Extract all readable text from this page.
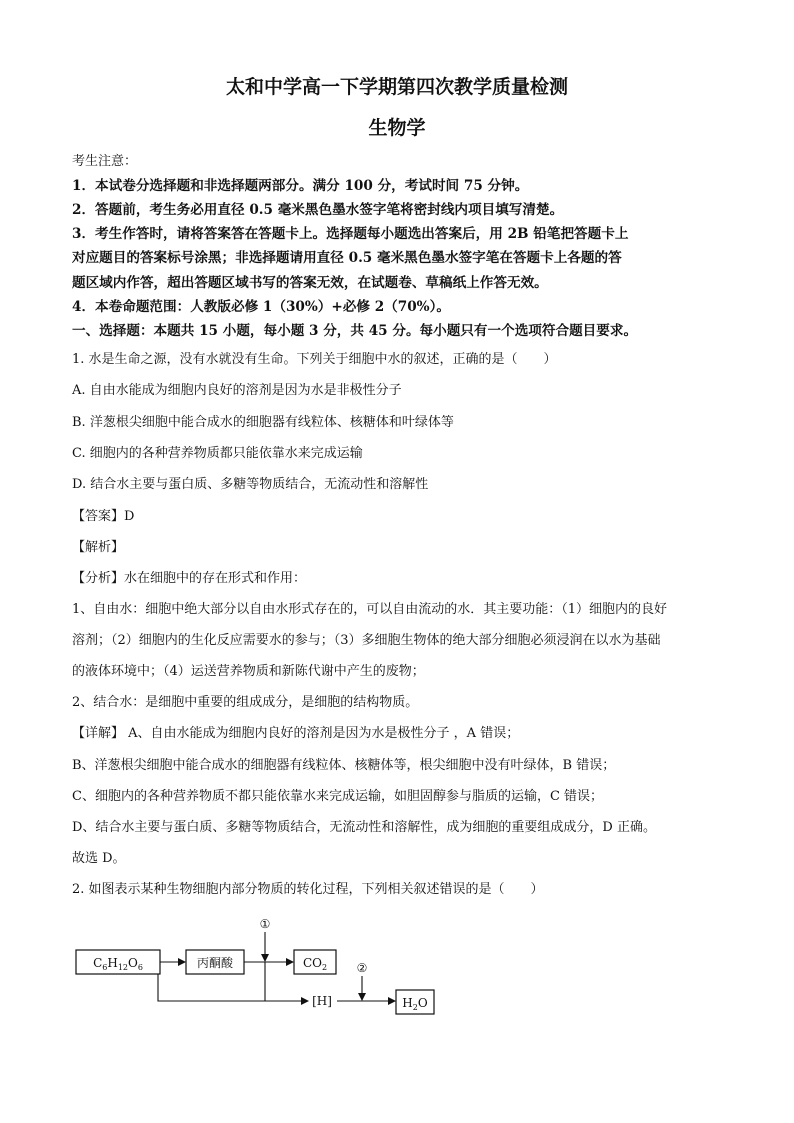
太和中学高一下学期第四次教学质量检测
生物学
考生注意：
1．本试卷分选择题和非选择题两部分。满分 100 分，考试时间 75 分钟。
2．答题前，考生务必用直径 0.5 毫米黑色墨水签字笔将密封线内项目填写清楚。
3．考生作答时，请将答案答在答题卡上。选择题每小题选出答案后，用 2B 铅笔把答题卡上
对应题目的答案标号涂黑；非选择题请用直径 0.5 毫米黑色墨水签字笔在答题卡上各题的答
题区域内作答，超出答题区域书写的答案无效，在试题卷、草稿纸上作答无效。
4．本卷命题范围：人教版必修 1（30%）+必修 2（70%）。
一、选择题：本题共 15 小题，每小题 3 分，共 45 分。每小题只有一个选项符合题目要求。
1. 水是生命之源，没有水就没有生命。下列关于细胞中水的叙述，正确的是（　　）
A. 自由水能成为细胞内良好的溶剂是因为水是非极性分子
B. 洋葱根尖细胞中能合成水的细胞器有线粒体、核糖体和叶绿体等
C. 细胞内的各种营养物质都只能依靠水来完成运输
D. 结合水主要与蛋白质、多糖等物质结合，无流动性和溶解性
【答案】D
【解析】
【分析】水在细胞中的存在形式和作用：
1、自由水：细胞中绝大部分以自由水形式存在的，可以自由流动的水．其主要功能：（1）细胞内的良好
溶剂；（2）细胞内的生化反应需要水的参与；（3）多细胞生物体的绝大部分细胞必须浸润在以水为基础
的液体环境中；（4）运送营养物质和新陈代谢中产生的废物；
2、结合水：是细胞中重要的组成成分，是细胞的结构物质。
【详解】 A、自由水能成为细胞内良好的溶剂是因为水是极性分子 ，A 错误；
B、洋葱根尖细胞中能合成水的细胞器有线粒体、核糖体等，根尖细胞中没有叶绿体，B 错误；
C、细胞内的各种营养物质不都只能依靠水来完成运输，如胆固醇参与脂质的运输，C 错误；
D、结合水主要与蛋白质、多糖等物质结合，无流动性和溶解性，成为细胞的重要组成成分，D 正确。
故选 D。
2. 如图表示某种生物细胞内部分物质的转化过程，下列相关叙述错误的是（　　）
$C_6H_{12}O_6$	丙酮酸	$CO_2$
[H]	$H_2O$
①
②
